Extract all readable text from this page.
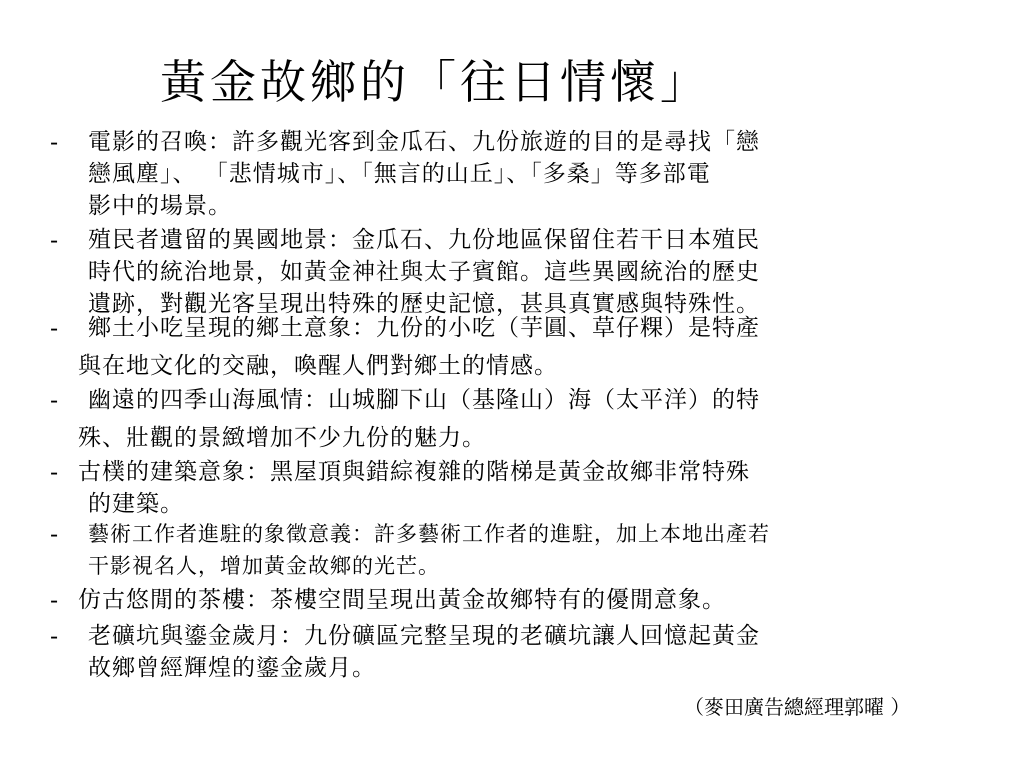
黃金故鄉的「往日情懷」
- 電影的召喚：許多觀光客到金瓜石、九份旅遊的目的是尋找「戀
戀風塵」、 「悲情城市」、「無言的山丘」、「多桑」等多部電
影中的場景。
- 殖民者遺留的異國地景：金瓜石、九份地區保留住若干日本殖民
時代的統治地景，如黃金神社與太子賓館。這些異國統治的歷史
遺跡，對觀光客呈現出特殊的歷史記憶，甚具真實感與特殊性。
-	鄉土小吃呈現的鄉土意象：九份的小吃（芋圓、草仔粿）是特產
與在地文化的交融，喚醒人們對鄉土的情感。
-	幽遠的四季山海風情：山城腳下山（基隆山）海（太平洋）的特
殊、壯觀的景緻增加不少九份的魅力。
- 古樸的建築意象：黑屋頂與錯綜複雜的階梯是黃金故鄉非常特殊
的建築。
- 藝術工作者進駐的象徵意義：許多藝術工作者的進駐，加上本地出產若
干影視名人，增加黃金故鄉的光芒。
- 仿古悠閒的茶樓：茶樓空間呈現出黃金故鄉特有的優閒意象。
- 老礦坑與鎏金歲月：九份礦區完整呈現的老礦坑讓人回憶起黃金
故鄉曾經輝煌的鎏金歲月。
（麥田廣告總經理郭曜 ）
